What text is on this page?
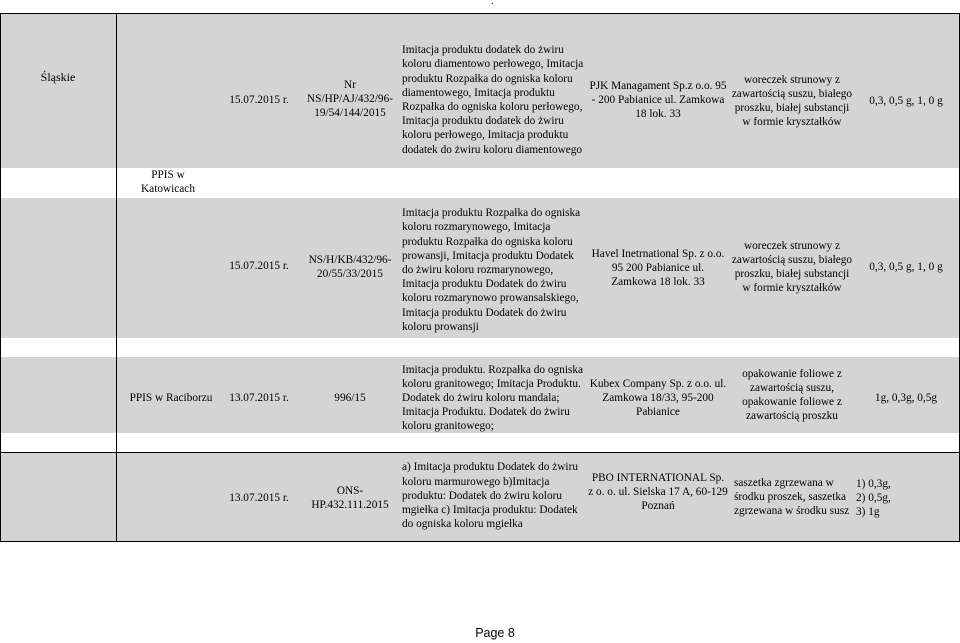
.
Śląskie
15.07.2015 r.
Nr
NS/HP/AJ/432/96-
19/54/144/2015
Imitacja produktu dodatek do żwiru koloru diamentowo perłowego, Imitacja produktu Rozpałka do ogniska koloru diamentowego, Imitacja produktu Rozpałka do ogniska koloru perłowego, Imitacja produktu dodatek do żwiru koloru perłowego, Imitacja produktu dodatek do żwiru koloru diamentowego
PJK Managament Sp.z o.o. 95 - 200 Pabianice ul. Zamkowa 18 lok. 33
woreczek strunowy z zawartością suszu, białego proszku, białej substancji w formie kryształków
0,3, 0,5 g, 1, 0 g
PPIS w
Katowicach
15.07.2015 r.
NS/H/KB/432/96-
20/55/33/2015
Imitacja produktu Rozpałka do ogniska koloru rozmarynowego, Imitacja produktu Rozpałka do ogniska koloru prowansji, Imitacja produktu Dodatek do żwiru koloru rozmarynowego, Imitacja produktu Dodatek do żwiru koloru rozmarynowo prowansalskiego, Imitacja produktu Dodatek do żwiru koloru prowansji
Havel Inetrnational Sp. z o.o. 95 200 Pabianice ul. Zamkowa 18 lok. 33
woreczek strunowy z zawartością suszu, białego proszku, białej substancji w formie kryształków
0,3, 0,5 g, 1, 0 g
PPIS w Raciborzu	13.07.2015 r.	996/15
Imitacja produktu. Rozpałka do ogniska koloru granitowego; Imitacja Produktu. Dodatek do żwiru koloru mandala; Imitacja Produktu. Dodatek do żwiru koloru granitowego;
Kubex Company Sp. z o.o. ul. Zamkowa 18/33, 95-200 Pabianice
opakowanie foliowe z zawartością suszu, opakowanie foliowe z zawartością proszku
1g, 0,3g, 0,5g
13.07.2015 r.
ONS-
HP.432.111.2015
a) Imitacja produktu Dodatek do żwiru koloru marmurowego b)Imitacja produktu: Dodatek do żwiru koloru mgiełka c) Imitacja produktu: Dodatek do ogniska koloru mgiełka
PBO INTERNATIONAL Sp. z o. o. ul. Sielska 17 A, 60-129 Poznań
saszetka zgrzewana w środku proszek, saszetka zgrzewana w środku susz
1) 0,3g,
2) 0,5g,
3) 1g
Page 8
